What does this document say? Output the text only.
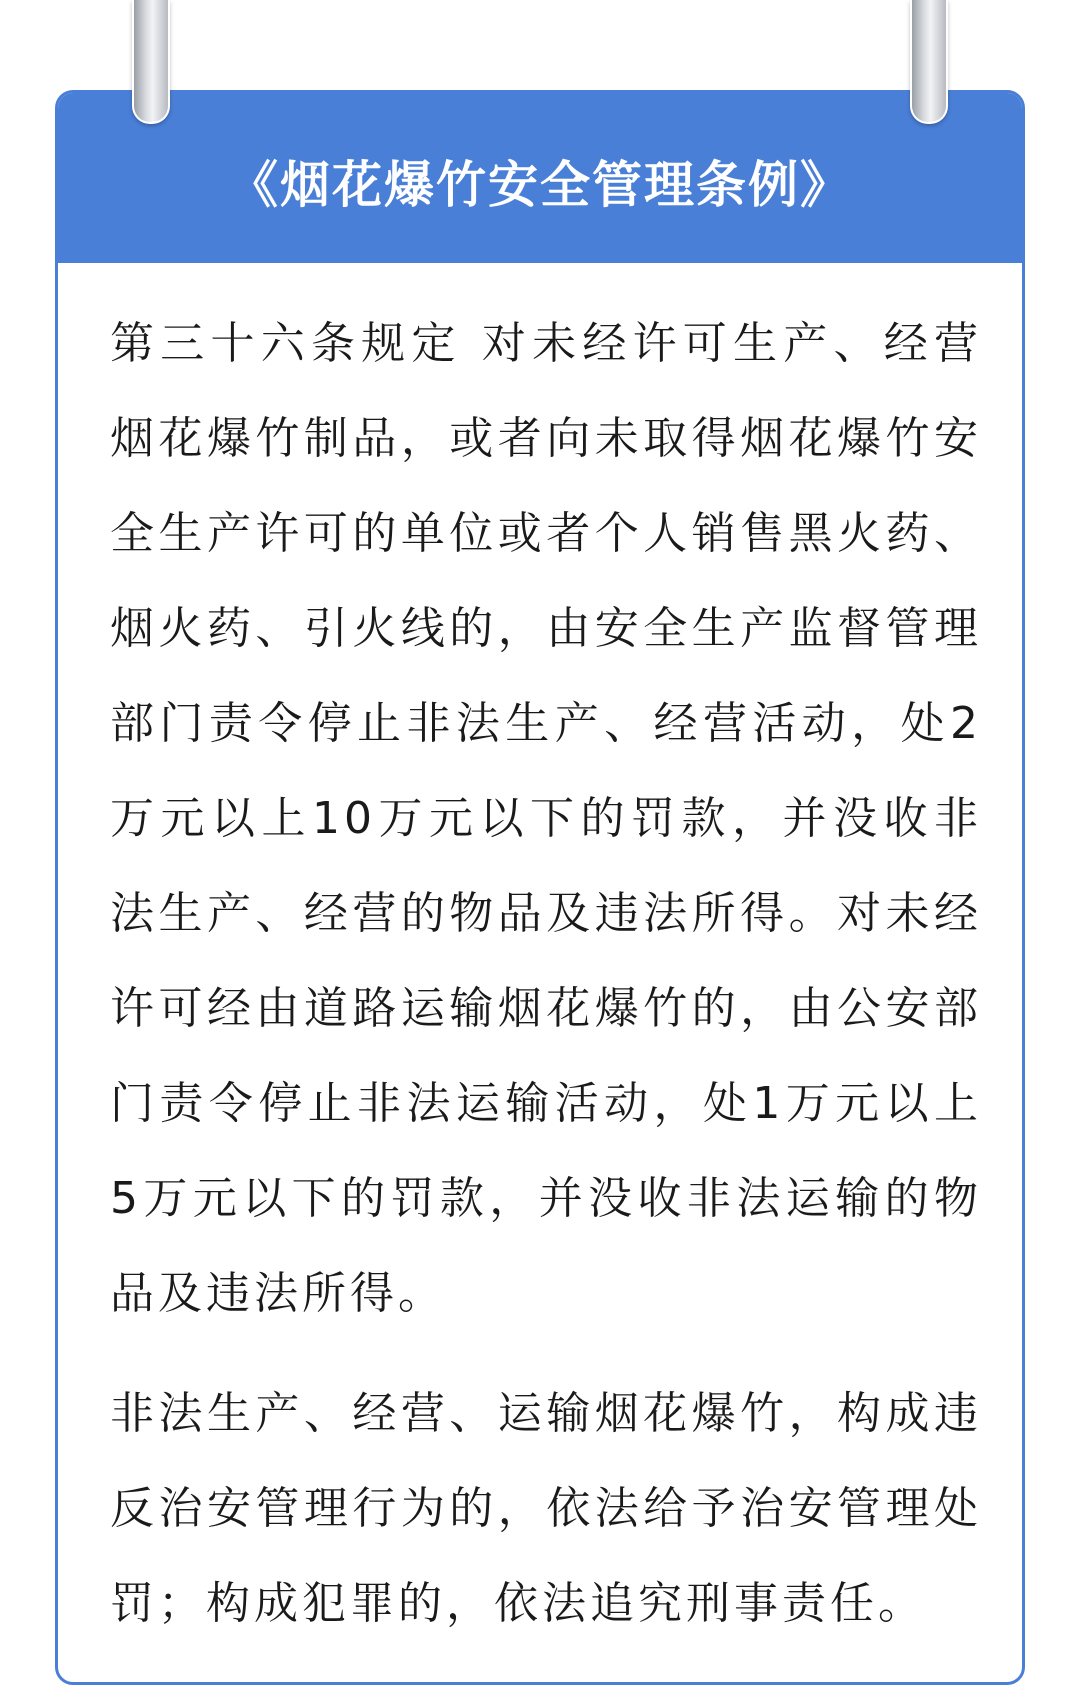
《烟花爆竹安全管理条例》

第三十六条规定 对未经许可生产、经营烟花爆竹制品，或者向未取得烟花爆竹安全生产许可的单位或者个人销售黑火药、烟火药、引火线的，由安全生产监督管理部门责令停止非法生产、经营活动，处2万元以上10万元以下的罚款，并没收非法生产、经营的物品及违法所得。对未经许可经由道路运输烟花爆竹的，由公安部门责令停止非法运输活动，处1万元以上5万元以下的罚款，并没收非法运输的物品及违法所得。

非法生产、经营、运输烟花爆竹，构成违反治安管理行为的，依法给予治安管理处罚；构成犯罪的，依法追究刑事责任。
